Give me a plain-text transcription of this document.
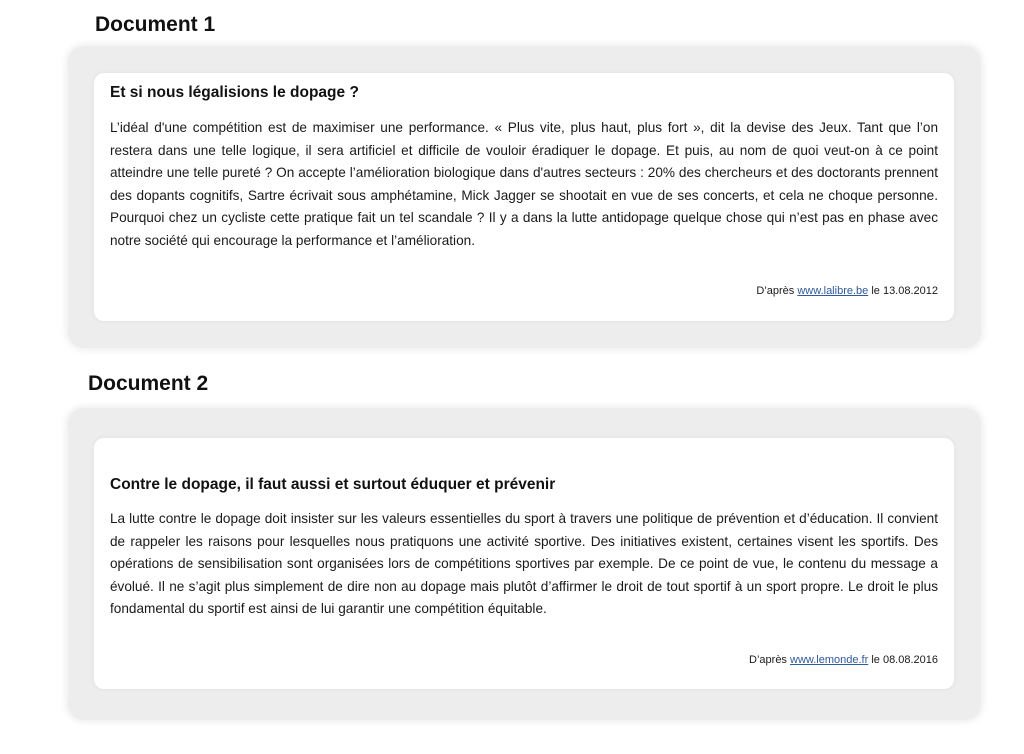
Document 1
Et si nous légalisions le dopage ?

L’idéal d'une compétition est de maximiser une performance. « Plus vite, plus haut, plus fort », dit la devise des Jeux. Tant que l’on restera dans une telle logique, il sera artificiel et difficile de vouloir éradiquer le dopage. Et puis, au nom de quoi veut-on à ce point atteindre une telle pureté ? On accepte l’amélioration biologique dans d'autres secteurs : 20% des chercheurs et des doctorants prennent des dopants cognitifs, Sartre écrivait sous amphétamine, Mick Jagger se shootait en vue de ses concerts, et cela ne choque personne. Pourquoi chez un cycliste cette pratique fait un tel scandale ? Il y a dans la lutte antidopage quelque chose qui n’est pas en phase avec notre société qui encourage la performance et l’amélioration.

D’après www.lalibre.be le 13.08.2012
Document 2
Contre le dopage, il faut aussi et surtout éduquer et prévenir

La lutte contre le dopage doit insister sur les valeurs essentielles du sport à travers une politique de prévention et d’éducation. Il convient de rappeler les raisons pour lesquelles nous pratiquons une activité sportive. Des initiatives existent, certaines visent les sportifs. Des opérations de sensibilisation sont organisées lors de compétitions sportives par exemple. De ce point de vue, le contenu du message a évolué. Il ne s’agit plus simplement de dire non au dopage mais plutôt d’affirmer le droit de tout sportif à un sport propre. Le droit le plus fondamental du sportif est ainsi de lui garantir une compétition équitable.

D’après www.lemonde.fr le 08.08.2016
